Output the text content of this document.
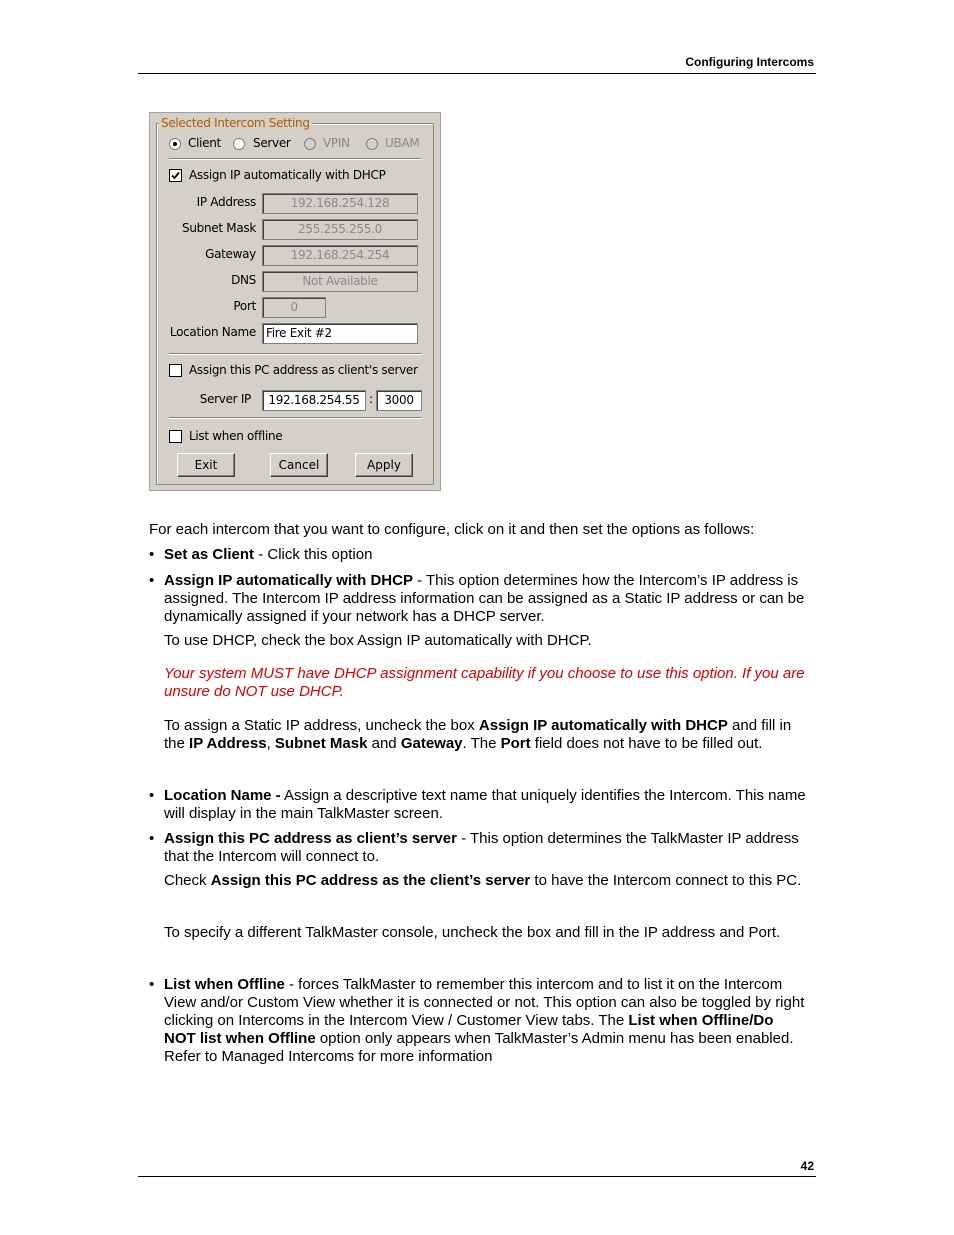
Configuring Intercoms
Selected Intercom Setting
Client	Server	VPIN	UBAM
Assign IP automatically with DHCP
IP Address	192.168.254.128
Subnet Mask	255.255.255.0
Gateway	192.168.254.254
DNS	Not Available
Port	0
Location Name Fire Exit #2
Assign this PC address as client's server
Server IP	192.168.254.55 : 3000
List when offline
Exit	Cancel	Apply
For each intercom that you want to configure, click on it and then set the options as follows:
• Set as Client - Click this option
• Assign IP automatically with DHCP - This option determines how the Intercom’s IP address is assigned. The Intercom IP address information can be assigned as a Static IP address or can be dynamically assigned if your network has a DHCP server.
To use DHCP, check the box Assign IP automatically with DHCP.
Your system MUST have DHCP assignment capability if you choose to use this option. If you are unsure do NOT use DHCP.
To assign a Static IP address, uncheck the box Assign IP automatically with DHCP and fill in the IP Address, Subnet Mask and Gateway. The Port field does not have to be filled out.
• Location Name - Assign a descriptive text name that uniquely identifies the Intercom. This name will display in the main TalkMaster screen.
• Assign this PC address as client’s server - This option determines the TalkMaster IP address that the Intercom will connect to.
Check Assign this PC address as the client’s server to have the Intercom connect to this PC.
To specify a different TalkMaster console, uncheck the box and fill in the IP address and Port.
• List when Offline - forces TalkMaster to remember this intercom and to list it on the Intercom View and/or Custom View whether it is connected or not. This option can also be toggled by right clicking on Intercoms in the Intercom View / Customer View tabs. The List when Offline/Do NOT list when Offline option only appears when TalkMaster’s Admin menu has been enabled. Refer to Managed Intercoms for more information
42
